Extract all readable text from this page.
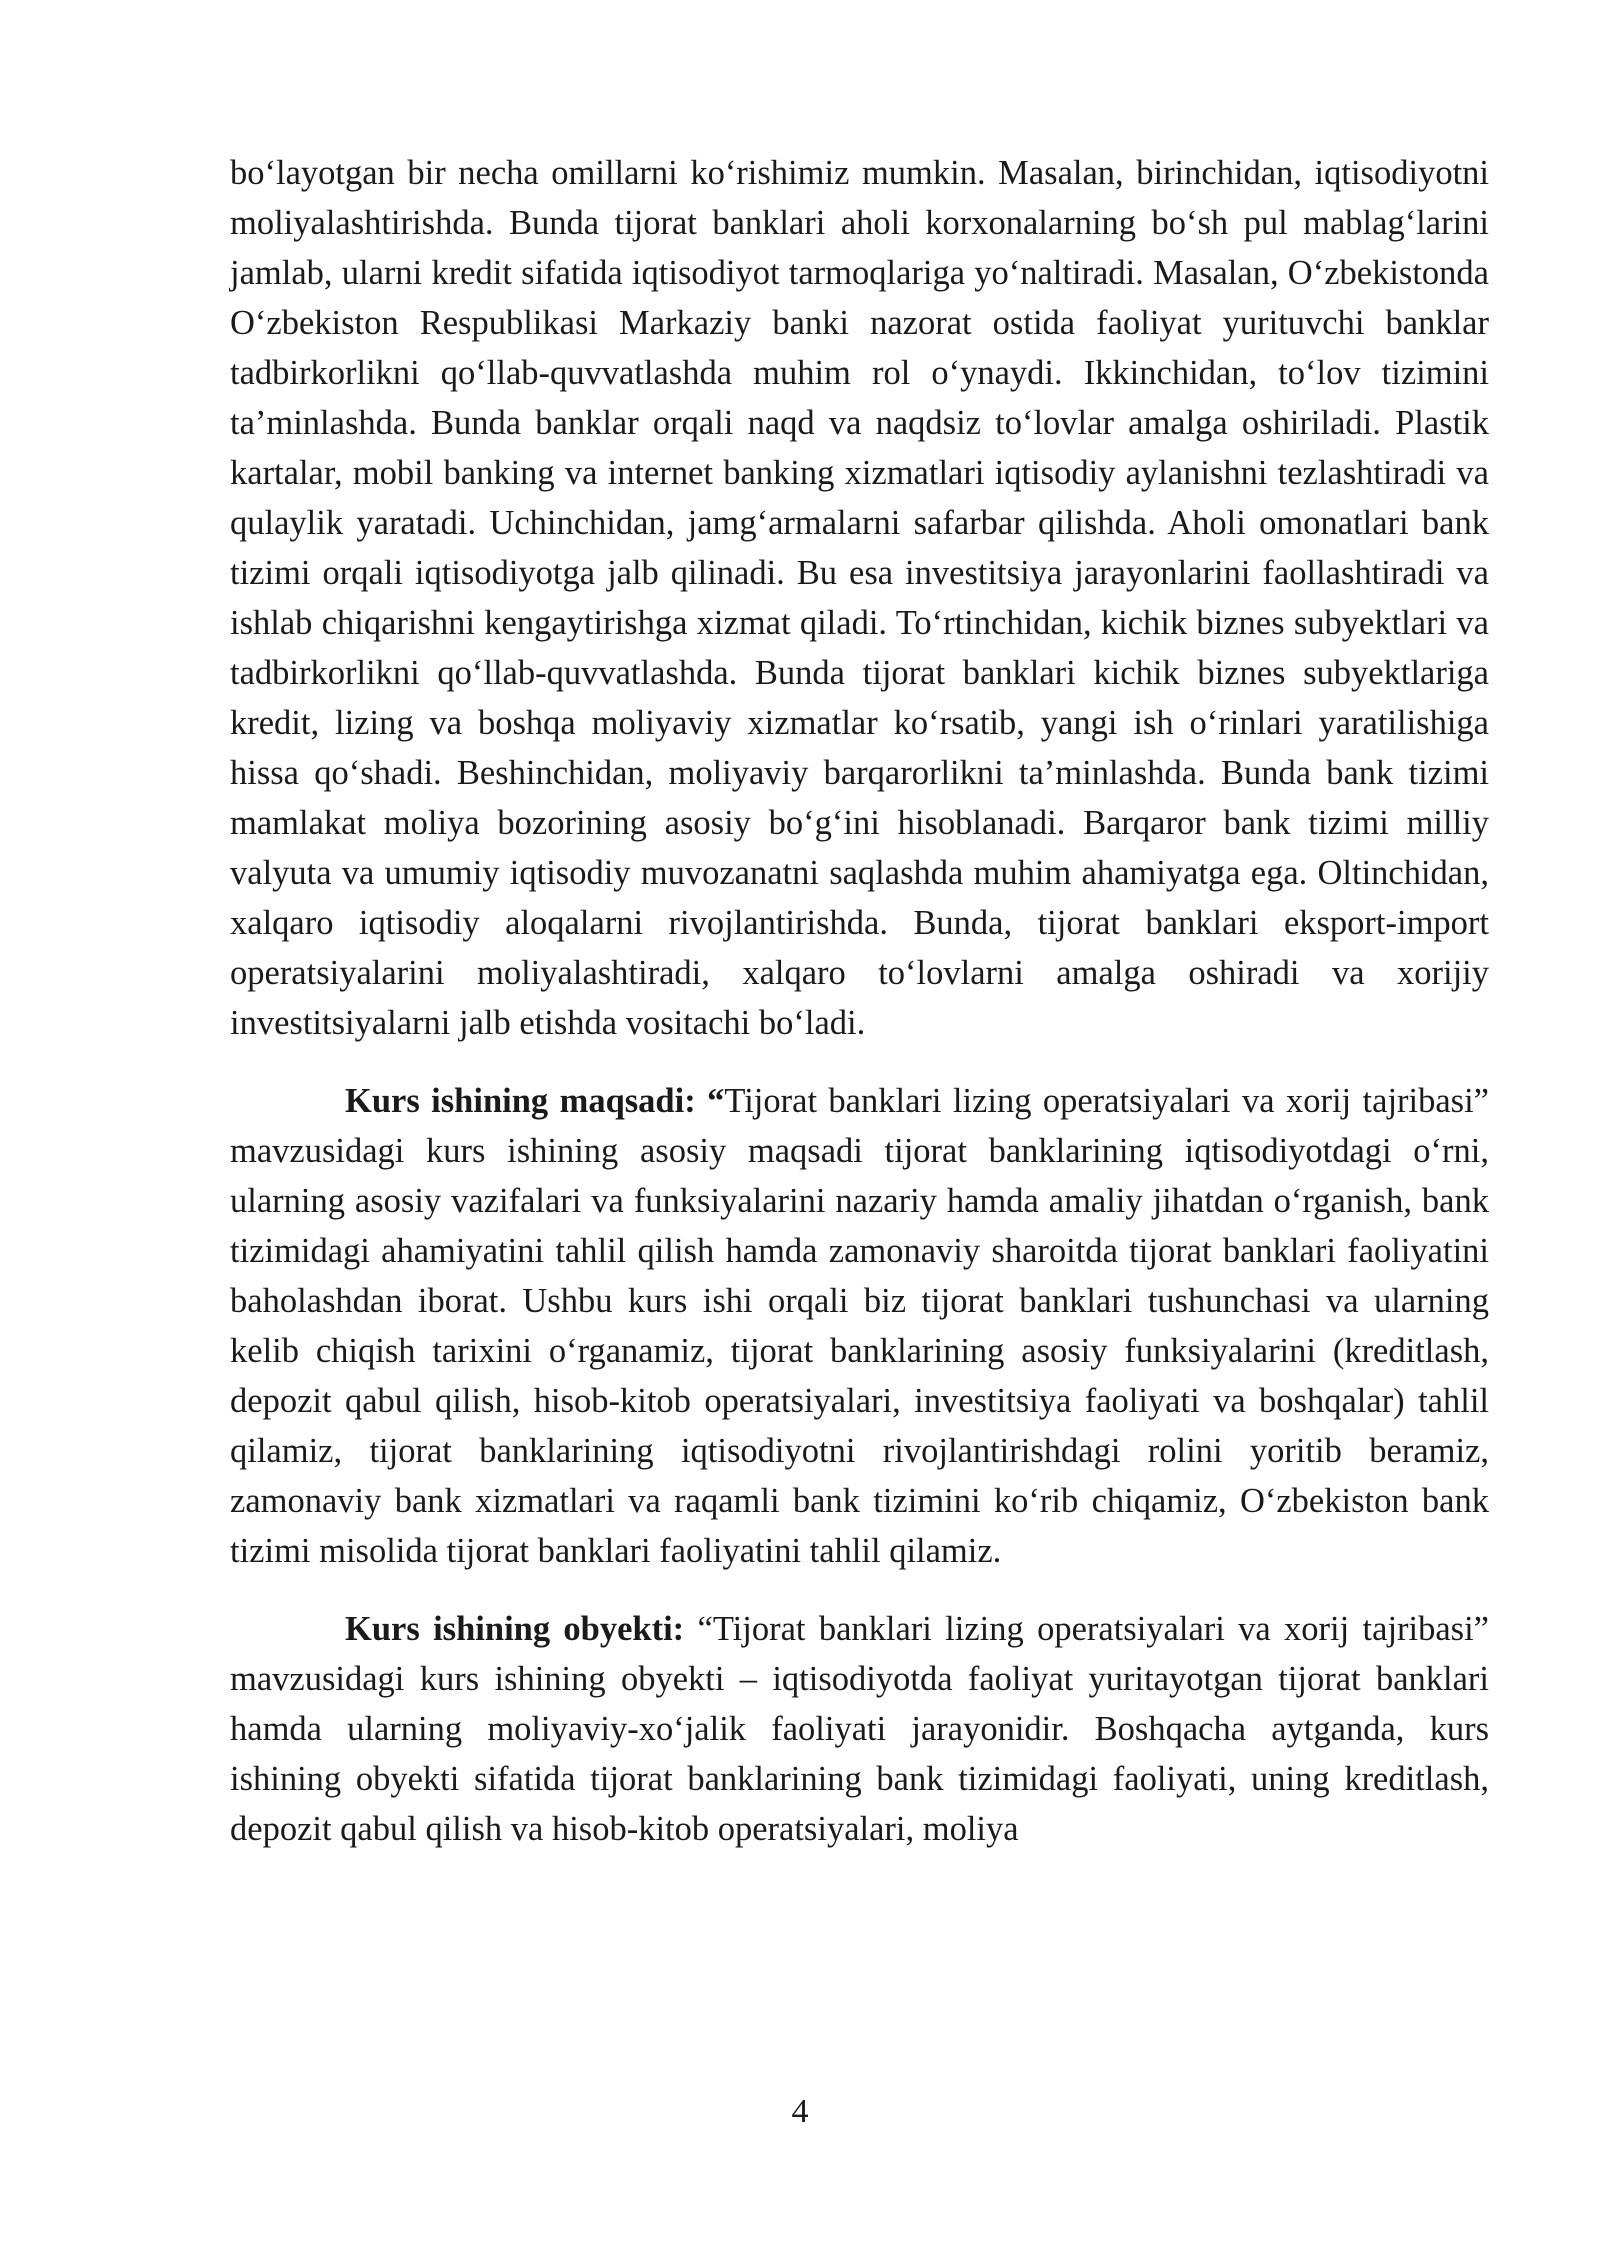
bo‘layotgan bir necha omillarni ko‘rishimiz mumkin. Masalan, birinchidan, iqtisodiyotni moliyalashtirishda. Bunda tijorat banklari aholi korxonalarning bo‘sh pul mablag‘larini jamlab, ularni kredit sifatida iqtisodiyot tarmoqlariga yo‘naltiradi. Masalan, O‘zbekistonda O‘zbekiston Respublikasi Markaziy banki nazorat ostida faoliyat yurituvchi banklar tadbirkorlikni qo‘llab-quvvatlashda muhim rol o‘ynaydi. Ikkinchidan, to‘lov tizimini ta’minlashda. Bunda banklar orqali naqd va naqdsiz to‘lovlar amalga oshiriladi. Plastik kartalar, mobil banking va internet banking xizmatlari iqtisodiy aylanishni tezlashtiradi va qulaylik yaratadi. Uchinchidan, jamg‘armalarni safarbar qilishda. Aholi omonatlari bank tizimi orqali iqtisodiyotga jalb qilinadi. Bu esa investitsiya jarayonlarini faollashtiradi va ishlab chiqarishni kengaytirishga xizmat qiladi. To‘rtinchidan, kichik biznes subyektlari va tadbirkorlikni qo‘llab-quvvatlashda. Bunda tijorat banklari kichik biznes subyektlariga kredit, lizing va boshqa moliyaviy xizmatlar ko‘rsatib, yangi ish o‘rinlari yaratilishiga hissa qo‘shadi. Beshinchidan, moliyaviy barqarorlikni ta’minlashda. Bunda bank tizimi mamlakat moliya bozorining asosiy bo‘g‘ini hisoblanadi. Barqaror bank tizimi milliy valyuta va umumiy iqtisodiy muvozanatni saqlashda muhim ahamiyatga ega. Oltinchidan, xalqaro iqtisodiy aloqalarni rivojlantirishda. Bunda, tijorat banklari eksport-import operatsiyalarini moliyalashtiradi, xalqaro to‘lovlarni amalga oshiradi va xorijiy investitsiyalarni jalb etishda vositachi bo‘ladi.

Kurs ishining maqsadi: “Tijorat banklari lizing operatsiyalari va xorij tajribasi” mavzusidagi kurs ishining asosiy maqsadi tijorat banklarining iqtisodiyotdagi o‘rni, ularning asosiy vazifalari va funksiyalarini nazariy hamda amaliy jihatdan o‘rganish, bank tizimidagi ahamiyatini tahlil qilish hamda zamonaviy sharoitda tijorat banklari faoliyatini baholashdan iborat. Ushbu kurs ishi orqali biz tijorat banklari tushunchasi va ularning kelib chiqish tarixini o‘rganamiz, tijorat banklarining asosiy funksiyalarini (kreditlash, depozit qabul qilish, hisob-kitob operatsiyalari, investitsiya faoliyati va boshqalar) tahlil qilamiz, tijorat banklarining iqtisodiyotni rivojlantirishdagi rolini yoritib beramiz, zamonaviy bank xizmatlari va raqamli bank tizimini ko‘rib chiqamiz, O‘zbekiston bank tizimi misolida tijorat banklari faoliyatini tahlil qilamiz.

Kurs ishining obyekti: “Tijorat banklari lizing operatsiyalari va xorij tajribasi” mavzusidagi kurs ishining obyekti – iqtisodiyotda faoliyat yuritayotgan tijorat banklari hamda ularning moliyaviy-xo‘jalik faoliyati jarayonidir. Boshqacha aytganda, kurs ishining obyekti sifatida tijorat banklarining bank tizimidagi faoliyati, uning kreditlash, depozit qabul qilish va hisob-kitob operatsiyalari, moliya

4
